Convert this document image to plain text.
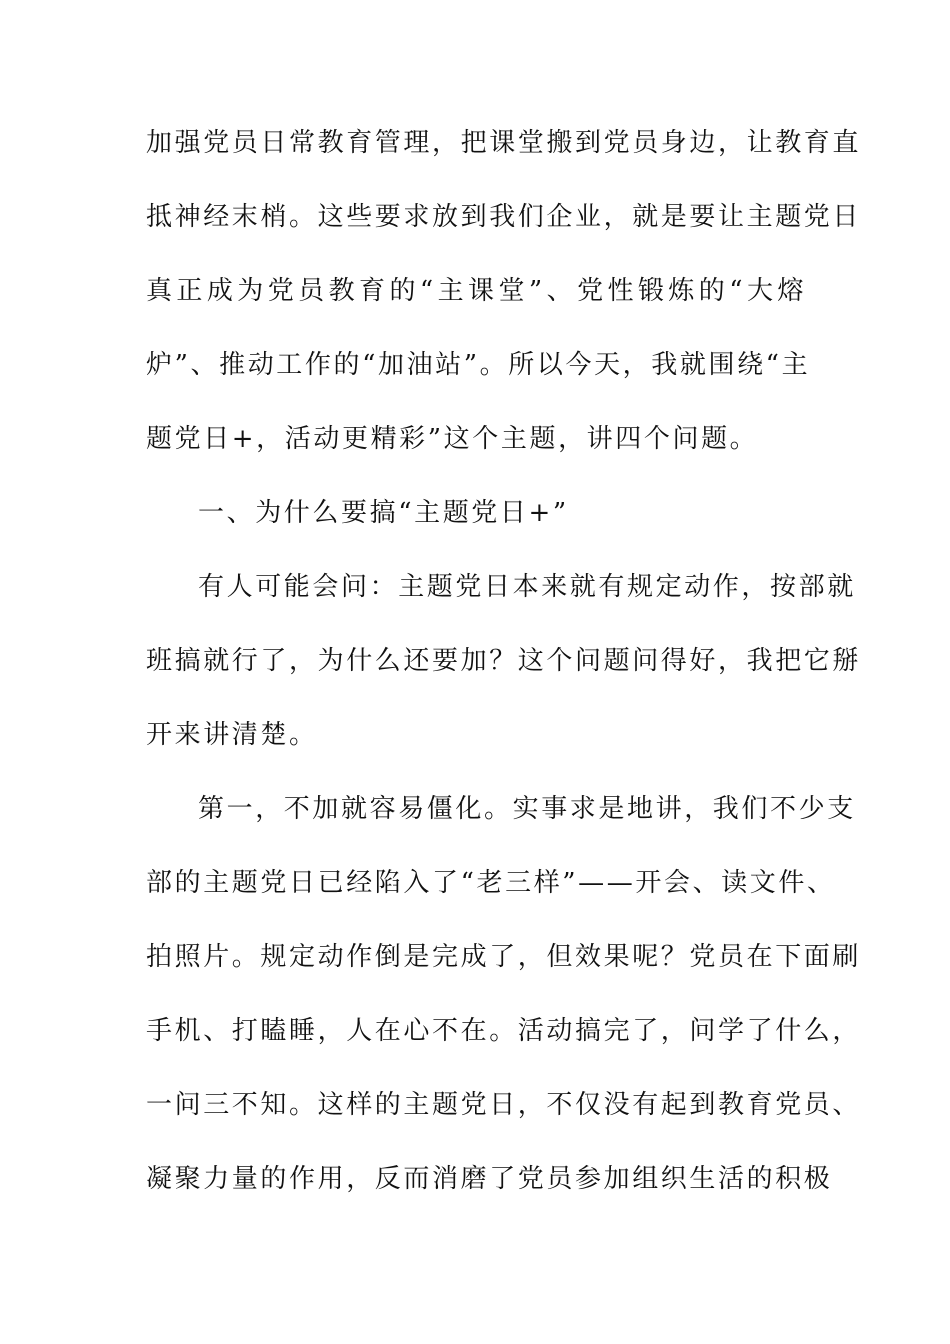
加强党员日常教育管理，把课堂搬到党员身边，让教育直
抵神经末梢。这些要求放到我们企业，就是要让主题党日
真正成为党员教育的“主课堂”、党性锻炼的“大熔
炉”、推动工作的“加油站”。所以今天，我就围绕“主
题党日+，活动更精彩”这个主题，讲四个问题。
一、为什么要搞“主题党日+”
有人可能会问：主题党日本来就有规定动作，按部就
班搞就行了，为什么还要加？这个问题问得好，我把它掰
开来讲清楚。
第一，不加就容易僵化。实事求是地讲，我们不少支
部的主题党日已经陷入了“老三样”——开会、读文件、
拍照片。规定动作倒是完成了，但效果呢？党员在下面刷
手机、打瞌睡，人在心不在。活动搞完了，问学了什么，
一问三不知。这样的主题党日，不仅没有起到教育党员、
凝聚力量的作用，反而消磨了党员参加组织生活的积极
